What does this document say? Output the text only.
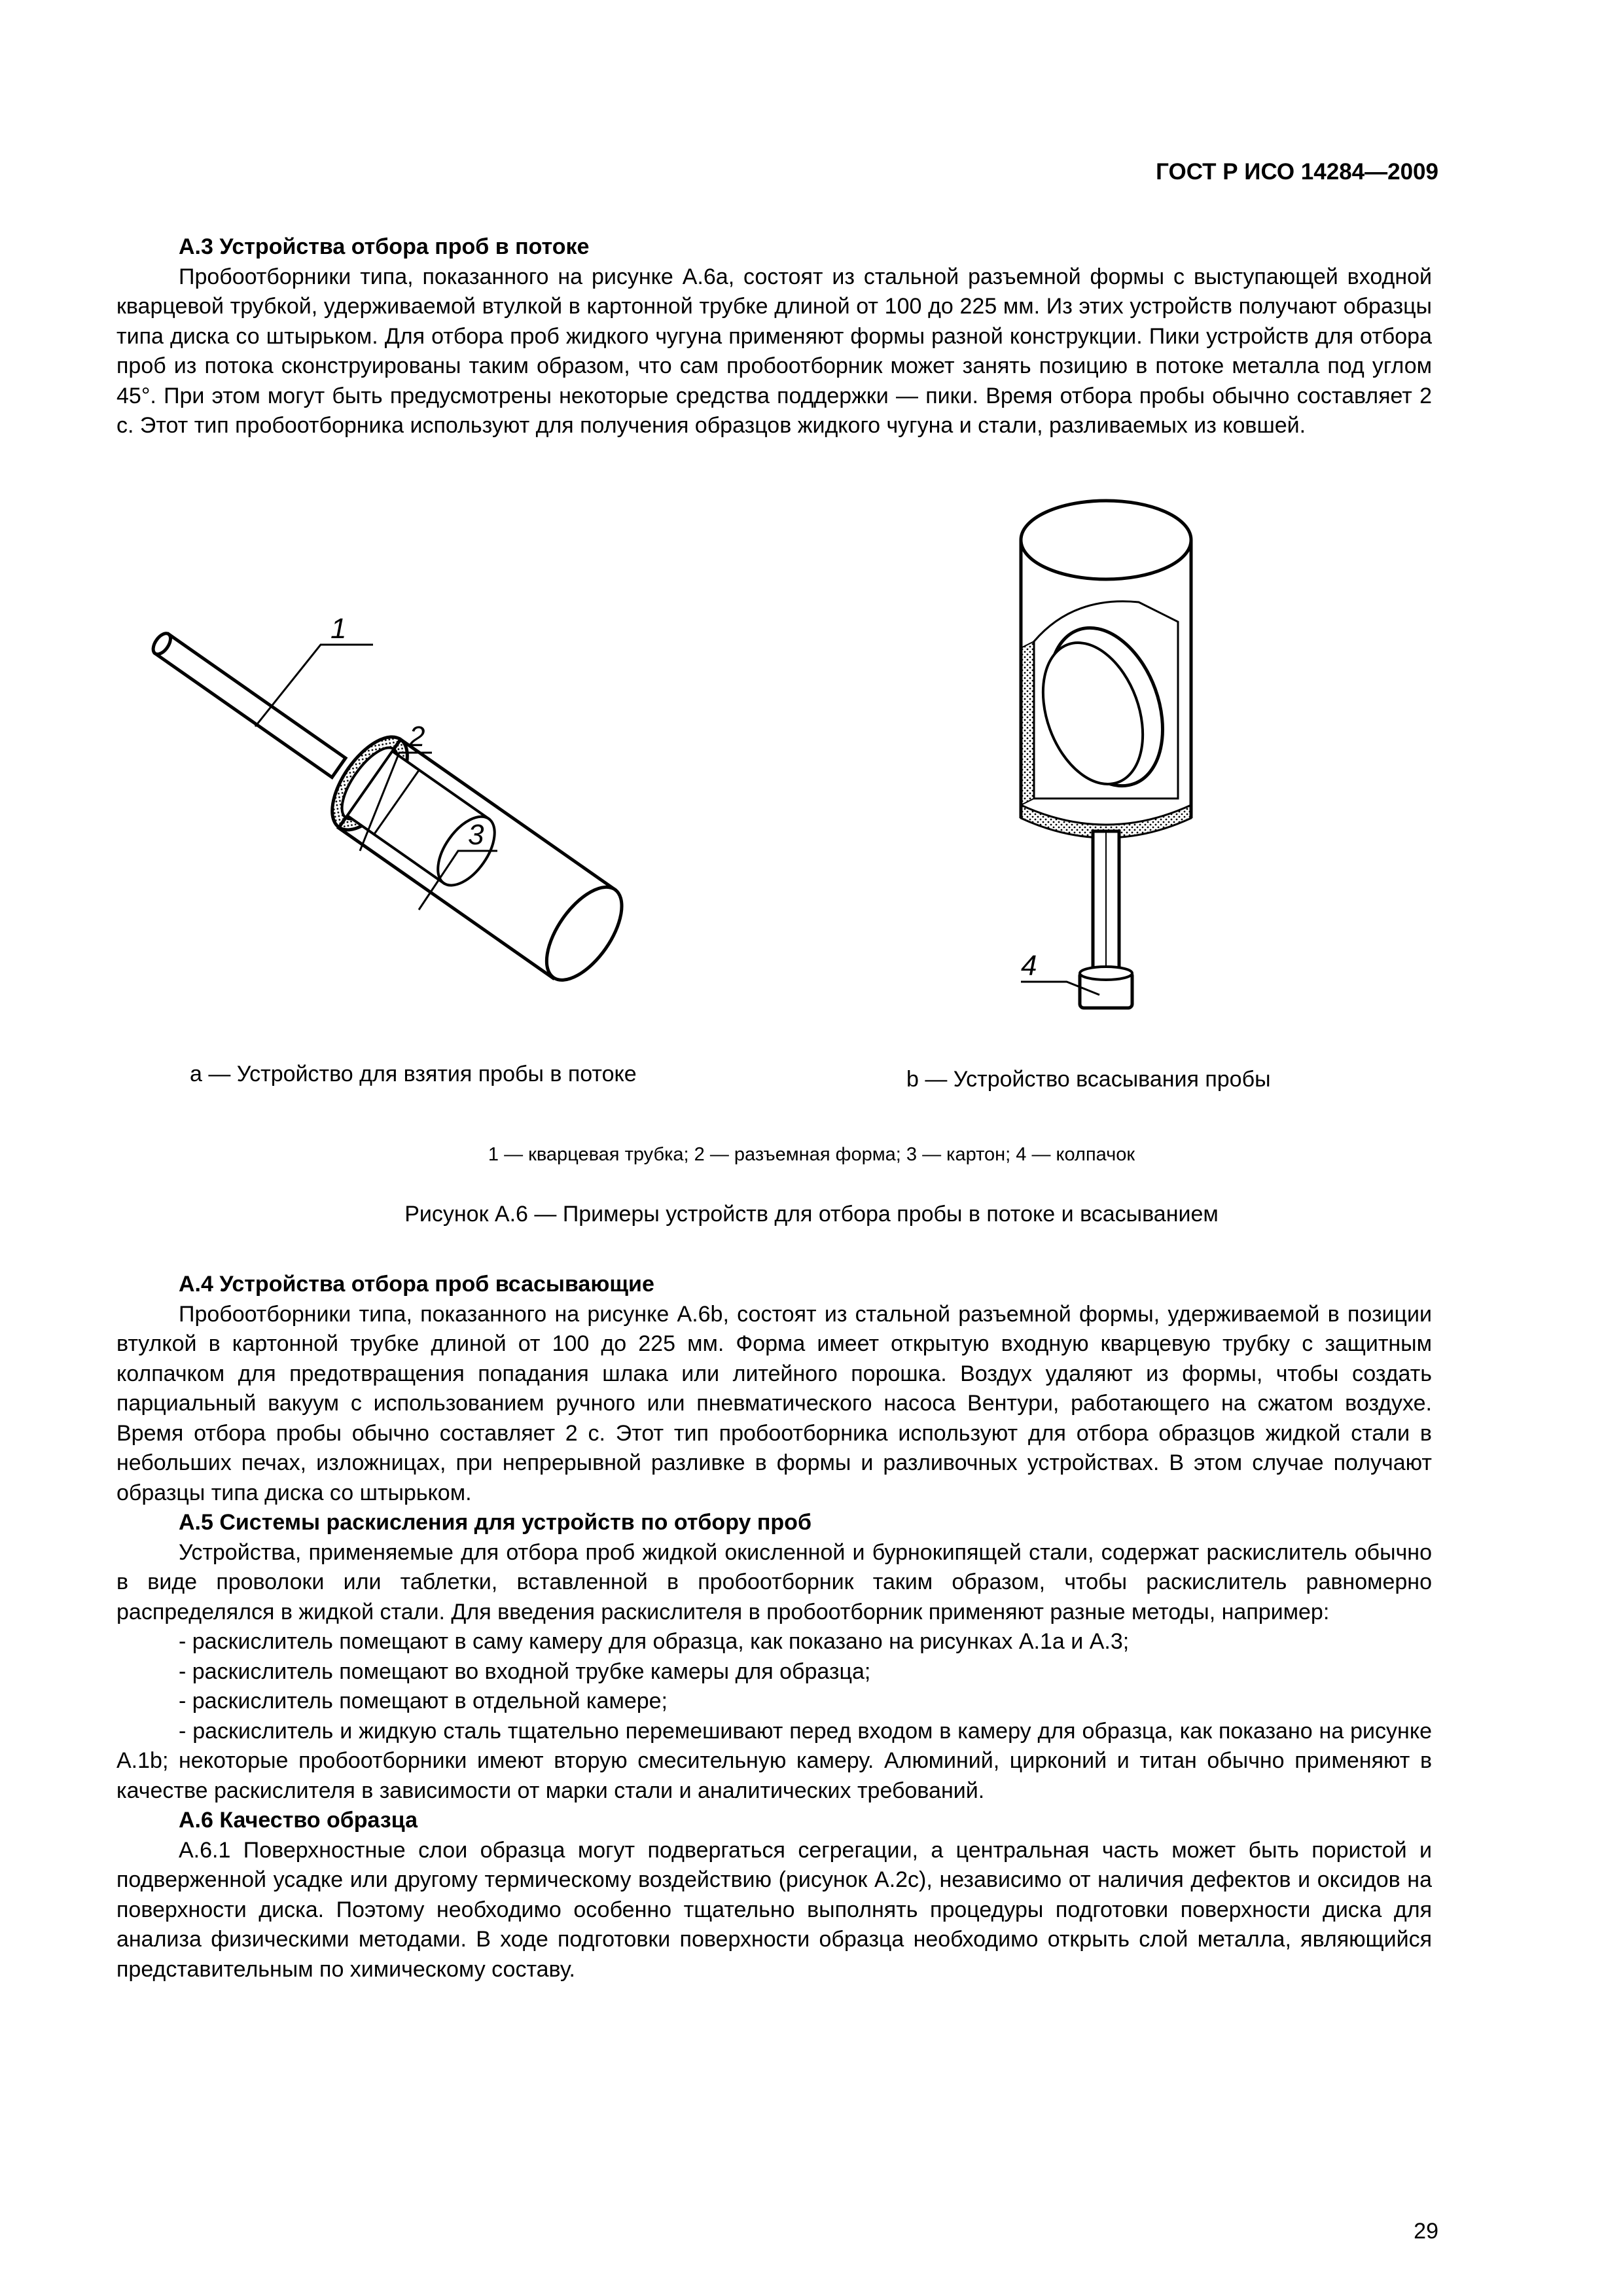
ГОСТ Р ИСО 14284—2009

А.3 Устройства отбора проб в потоке

Пробоотборники типа, показанного на рисунке А.6a, состоят из стальной разъемной формы с выступающей входной кварцевой трубкой, удерживаемой втулкой в картонной трубке длиной от 100 до 225 мм. Из этих устройств получают образцы типа диска со штырьком. Для отбора проб жидкого чугуна применяют формы разной конструкции. Пики устройств для отбора проб из потока сконструированы таким образом, что сам пробоотборник может занять позицию в потоке металла под углом 45°. При этом могут быть предусмотрены некоторые средства поддержки — пики. Время отбора пробы обычно составляет 2 с. Этот тип пробоотборника используют для получения образцов жидкого чугуна и стали, разливаемых из ковшей.

1
2
3
4
a — Устройство для взятия пробы в потоке	b — Устройство всасывания пробы
1 — кварцевая трубка; 2 — разъемная форма; 3 — картон; 4 — колпачок
Рисунок А.6 — Примеры устройств для отбора пробы в потоке и всасыванием

А.4 Устройства отбора проб всасывающие

Пробоотборники типа, показанного на рисунке А.6b, состоят из стальной разъемной формы, удерживаемой в позиции втулкой в картонной трубке длиной от 100 до 225 мм. Форма имеет открытую входную кварцевую трубку с защитным колпачком для предотвращения попадания шлака или литейного порошка. Воздух удаляют из формы, чтобы создать парциальный вакуум с использованием ручного или пневматического насоса Вентури, работающего на сжатом воздухе. Время отбора пробы обычно составляет 2 с. Этот тип пробоотборника используют для отбора образцов жидкой стали в небольших печах, изложницах, при непрерывной разливке в формы и разливочных устройствах. В этом случае получают образцы типа диска со штырьком.

А.5 Системы раскисления для устройств по отбору проб

Устройства, применяемые для отбора проб жидкой окисленной и бурнокипящей стали, содержат раскислитель обычно в виде проволоки или таблетки, вставленной в пробоотборник таким образом, чтобы раскислитель равномерно распределялся в жидкой стали. Для введения раскислителя в пробоотборник применяют разные методы, например:

- раскислитель помещают в саму камеру для образца, как показано на рисунках А.1a и А.3;

- раскислитель помещают во входной трубке камеры для образца;

- раскислитель помещают в отдельной камере;

- раскислитель и жидкую сталь тщательно перемешивают перед входом в камеру для образца, как показано на рисунке А.1b; некоторые пробоотборники имеют вторую смесительную камеру. Алюминий, цирконий и титан обычно применяют в качестве раскислителя в зависимости от марки стали и аналитических требований.

А.6 Качество образца

А.6.1 Поверхностные слои образца могут подвергаться сегрегации, а центральная часть может быть пористой и подверженной усадке или другому термическому воздействию (рисунок А.2c), независимо от наличия дефектов и оксидов на поверхности диска. Поэтому необходимо особенно тщательно выполнять процедуры подготовки поверхности диска для анализа физическими методами. В ходе подготовки поверхности образца необходимо открыть слой металла, являющийся представительным по химическому составу.

29
